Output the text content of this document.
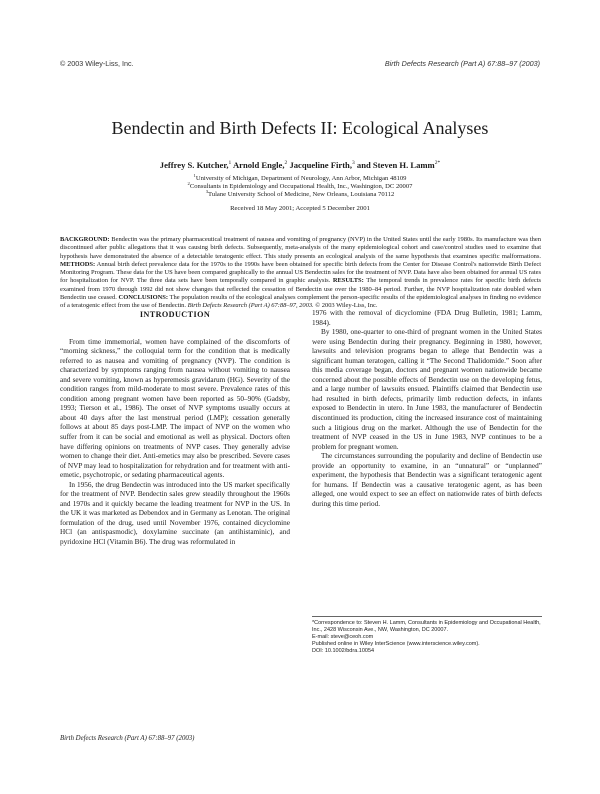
© 2003 Wiley-Liss, Inc.	Birth Defects Research (Part A) 67:88–97 (2003)
Bendectin and Birth Defects II: Ecological Analyses
Jeffrey S. Kutcher,$^1$ Arnold Engle,$^2$ Jacqueline Firth,$^3$ and Steven H. Lamm$^{2*}$
$^1$University of Michigan, Department of Neurology, Ann Arbor, Michigan 48109
$^2$Consultants in Epidemiology and Occupational Health, Inc., Washington, DC 20007
$^3$Tulane University School of Medicine, New Orleans, Louisiana 70112
Received 18 May 2001; Accepted 5 December 2001
BACKGROUND: Bendectin was the primary pharmaceutical treatment of nausea and vomiting of pregnancy (NVP) in the United States until the early 1980s. Its manufacture was then discontinued after public allegations that it was causing birth defects. Subsequently, meta-analysis of the many epidemiological cohort and case/control studies used to examine that hypothesis have demonstrated the absence of a detectable teratogenic effect. This study presents an ecological analysis of the same hypothesis that examines specific malformations. METHODS: Annual birth defect prevalence data for the 1970s to the 1990s have been obtained for specific birth defects from the Center for Disease Control's nationwide Birth Defect Monitoring Program. These data for the US have been compared graphically to the annual US Bendectin sales for the treatment of NVP. Data have also been obtained for annual US rates for hospitalization for NVP. The three data sets have been temporally compared in graphic analysis. RESULTS: The temporal trends in prevalence rates for specific birth defects examined from 1970 through 1992 did not show changes that reflected the cessation of Bendectin use over the 1980–84 period. Further, the NVP hospitalization rate doubled when Bendectin use ceased. CONCLUSIONS: The population results of the ecological analyses complement the person-specific results of the epidemiological analyses in finding no evidence of a teratogenic effect from the use of Bendectin. Birth Defects Research (Part A) 67:88–97, 2003. © 2003 Wiley-Liss, Inc.

INTRODUCTION

From time immemorial, women have complained of the discomforts of “morning sickness,” the colloquial term for the condition that is medically referred to as nausea and vomiting of pregnancy (NVP). The condition is characterized by symptoms ranging from nausea without vomiting to nausea and severe vomiting, known as hyperemesis gravidarum (HG). Severity of the condition ranges from mild-moderate to most severe. Prevalence rates of this condition among pregnant women have been reported as 50–90% (Gadsby, 1993; Tierson et al., 1986). The onset of NVP symptoms usually occurs at about 40 days after the last menstrual period (LMP); cessation generally follows at about 85 days post-LMP. The impact of NVP on the women who suffer from it can be social and emotional as well as physical. Doctors often have differing opinions on treatments of NVP cases. They generally advise women to change their diet. Anti-emetics may also be prescribed. Severe cases of NVP may lead to hospitalization for rehydration and for treatment with anti-emetic, psychotropic, or sedating pharmaceutical agents.

In 1956, the drug Bendectin was introduced into the US market specifically for the treatment of NVP. Bendectin sales grew steadily throughout the 1960s and 1970s and it quickly became the leading treatment for NVP in the US. In the UK it was marketed as Debendox and in Germany as Lenotan. The original formulation of the drug, used until November 1976, contained dicyclomine HCl (an antispasmodic), doxylamine succinate (an antihistaminic), and pyridoxine HCl (Vitamin B6). The drug was reformulated in

1976 with the removal of dicyclomine (FDA Drug Bulletin, 1981; Lamm, 1984).

By 1980, one-quarter to one-third of pregnant women in the United States were using Bendectin during their pregnancy. Beginning in 1980, however, lawsuits and television programs began to allege that Bendectin was a significant human teratogen, calling it “The Second Thalidomide.” Soon after this media coverage began, doctors and pregnant women nationwide became concerned about the possible effects of Bendectin use on the developing fetus, and a large number of lawsuits ensued. Plaintiffs claimed that Bendectin use had resulted in birth defects, primarily limb reduction defects, in infants exposed to Bendectin in utero. In June 1983, the manufacturer of Bendectin discontinued its production, citing the increased insurance cost of maintaining such a litigious drug on the market. Although the use of Bendectin for the treatment of NVP ceased in the US in June 1983, NVP continues to be a problem for pregnant women.

The circumstances surrounding the popularity and decline of Bendectin use provide an opportunity to examine, in an “unnatural” or “unplanned” experiment, the hypothesis that Bendectin was a significant teratogenic agent for humans. If Bendectin was a causative teratogenic agent, as has been alleged, one would expect to see an effect on nationwide rates of birth defects during this time period.

*Correspondence to: Steven H. Lamm, Consultants in Epidemiology and Occupational Health, Inc., 2428 Wisconsin Ave., NW, Washington, DC 20007.
E-mail: steve@ceoh.com
Published online in Wiley InterScience (www.interscience.wiley.com).
DOI: 10.1002/bdra.10054
Birth Defects Research (Part A) 67:88–97 (2003)
